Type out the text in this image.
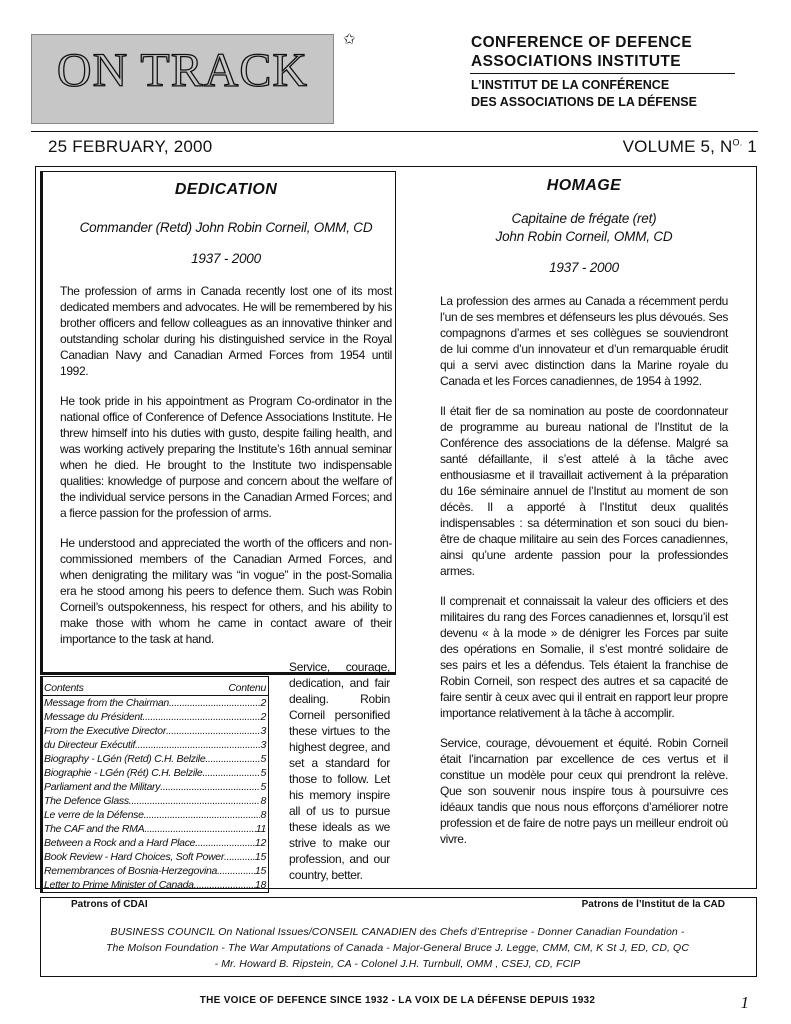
ON TRACK
✩	CONFERENCE OF DEFENCE
ASSOCIATIONS INSTITUTE
L’INSTITUT DE LA CONFÉRENCE
DES ASSOCIATIONS DE LA DÉFENSE
25 FEBRUARY, 2000	VOLUME 5, $N^{O.}$ 1
DEDICATION
Commander (Retd) John Robin Corneil, OMM, CD
1937 - 2000
The profession of arms in Canada recently lost one of its most dedicated members and advocates. He will be remembered by his brother officers and fellow colleagues as an innovative thinker and outstanding scholar during his distinguished service in the Royal Canadian Navy and Canadian Armed Forces from 1954 until 1992.
He took pride in his appointment as Program Co-ordinator in the national office of Conference of Defence Associations Institute. He threw himself into his duties with gusto, despite failing health, and was working actively preparing the Institute’s 16th annual seminar when he died. He brought to the Institute two indispensable qualities: knowledge of purpose and concern about the welfare of the individual service persons in the Canadian Armed Forces; and a fierce passion for the profession of arms.
He understood and appreciated the worth of the officers and non-commissioned members of the Canadian Armed Forces, and when denigrating the military was “in vogue” in the post-Somalia era he stood among his peers to defence them. Such was Robin Corneil’s outspokenness, his respect for others, and his ability to make those with whom he came in contact aware of their importance to the task at hand.
HOMAGE
Capitaine de frégate (ret)
John Robin Corneil, OMM, CD
1937 - 2000
La profession des armes au Canada a récemment perdu l’un de ses membres et défenseurs les plus dévoués. Ses compagnons d’armes et ses collègues se souviendront de lui comme d’un innovateur et d’un remarquable érudit qui a servi avec distinction dans la Marine royale du Canada et les Forces canadiennes, de 1954 à 1992.
Il était fier de sa nomination au poste de coordonnateur de programme au bureau national de l’Institut de la Conférence des associations de la défense. Malgré sa santé défaillante, il s’est attelé à la tâche avec enthousiasme et il travaillait activement à la préparation du 16e séminaire annuel de l’Institut au moment de son décès. Il a apporté à l’Institut deux qualités indispensables : sa détermination et son souci du bien-être de chaque militaire au sein des Forces canadiennes, ainsi qu’une ardente passion pour la professiondes armes.
Il comprenait et connaissait la valeur des officiers et des militaires du rang des Forces canadiennes et, lorsqu’il est devenu « à la mode » de dénigrer les Forces par suite des opérations en Somalie, il s’est montré solidaire de ses pairs et les a défendus. Tels étaient la franchise de Robin Corneil, son respect des autres et sa capacité de faire sentir à ceux avec qui il entrait en rapport leur propre importance relativement à la tâche à accomplir.
Service, courage, dévouement et équité. Robin Corneil était l’incarnation par excellence de ces vertus et il constitue un modèle pour ceux qui prendront la relève. Que son souvenir nous inspire tous à poursuivre ces idéaux tandis que nous nous efforçons d’améliorer notre profession et de faire de notre pays un meilleur endroit où vivre.
Contents	Contenu
Message from the Chairman .....	2
Message du Président .....	2
From the Executive Director .....	3
du Directeur Exécutif .....	3
Biography - LGén (Retd) C.H. Belzile .....	5
Biographie - LGén (Rét) C.H. Belzile .....	5
Parliament and the Military .....	5
The Defence Glass .....	8
Le verre de la Défense .....	8
The CAF and the RMA .....	11
Between a Rock and a Hard Place .....	12
Book Review - Hard Choices, Soft Power .....	15
Remembrances of Bosnia-Herzegovina .....	15
Letter to Prime Minister of Canada .....	18
Service, courage, dedication, and fair dealing. Robin Corneil personified these virtues to the highest degree, and set a standard for those to follow. Let his memory inspire all of us to pursue these ideals as we strive to make our profession, and our country, better.
Patrons of CDAI	Patrons de l’Institut de la CAD
BUSINESS COUNCIL On National Issues/CONSEIL CANADIEN des Chefs d’Entreprise - Donner Canadian Foundation -
The Molson Foundation - The War Amputations of Canada - Major-General Bruce J. Legge, CMM, CM, K St J, ED, CD, QC
- Mr. Howard B. Ripstein, CA - Colonel J.H. Turnbull, OMM , CSEJ, CD, FCIP
THE VOICE OF DEFENCE SINCE 1932 - LA VOIX DE LA DÉFENSE DEPUIS 1932	1
